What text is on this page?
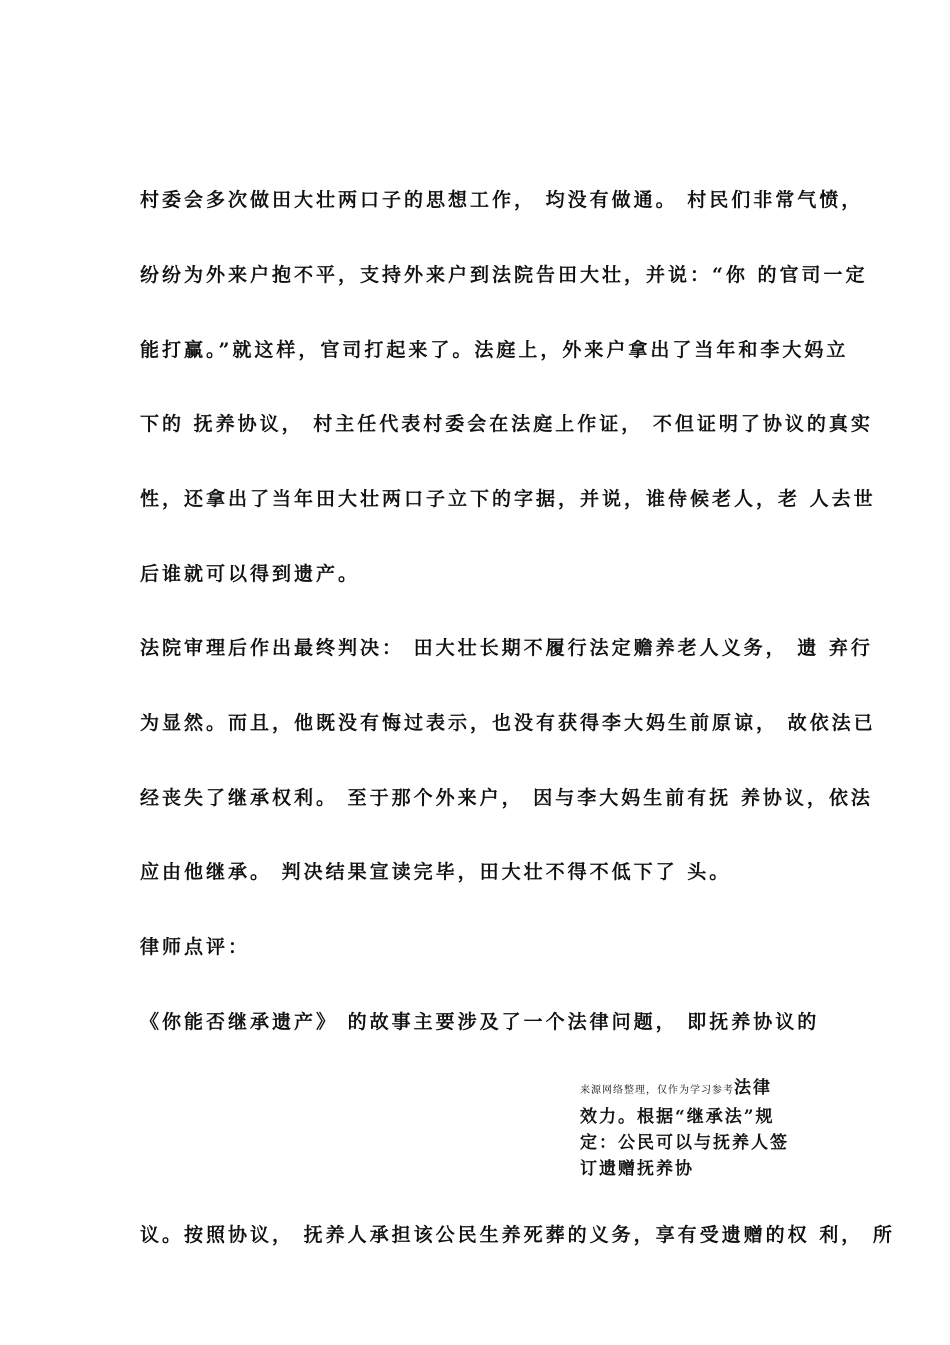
村委会多次做田大壮两口子的思想工作， 均没有做通。 村民们非常气愤，
纷纷为外来户抱不平，支持外来户到法院告田大壮，并说：“你 的官司一定
能打赢。”就这样，官司打起来了。法庭上，外来户拿出了当年和李大妈立
下的 抚养协议， 村主任代表村委会在法庭上作证， 不但证明了协议的真实
性，还拿出了当年田大壮两口子立下的字据，并说，谁侍候老人，老 人去世
后谁就可以得到遗产。
法院审理后作出最终判决： 田大壮长期不履行法定赡养老人义务， 遗 弃行
为显然。而且，他既没有悔过表示，也没有获得李大妈生前原谅， 故依法已
经丧失了继承权利。 至于那个外来户， 因与李大妈生前有抚 养协议，依法
应由他继承。 判决结果宣读完毕，田大壮不得不低下了 头。
律师点评：
《你能否继承遗产》 的故事主要涉及了一个法律问题， 即抚养协议的
来源网络整理，仅作为学习参考法律
效力。根据“继承法”规
定：公民可以与抚养人签
订遗赠抚养协
议。按照协议， 抚养人承担该公民生养死葬的义务，享有受遗赠的权 利， 所
